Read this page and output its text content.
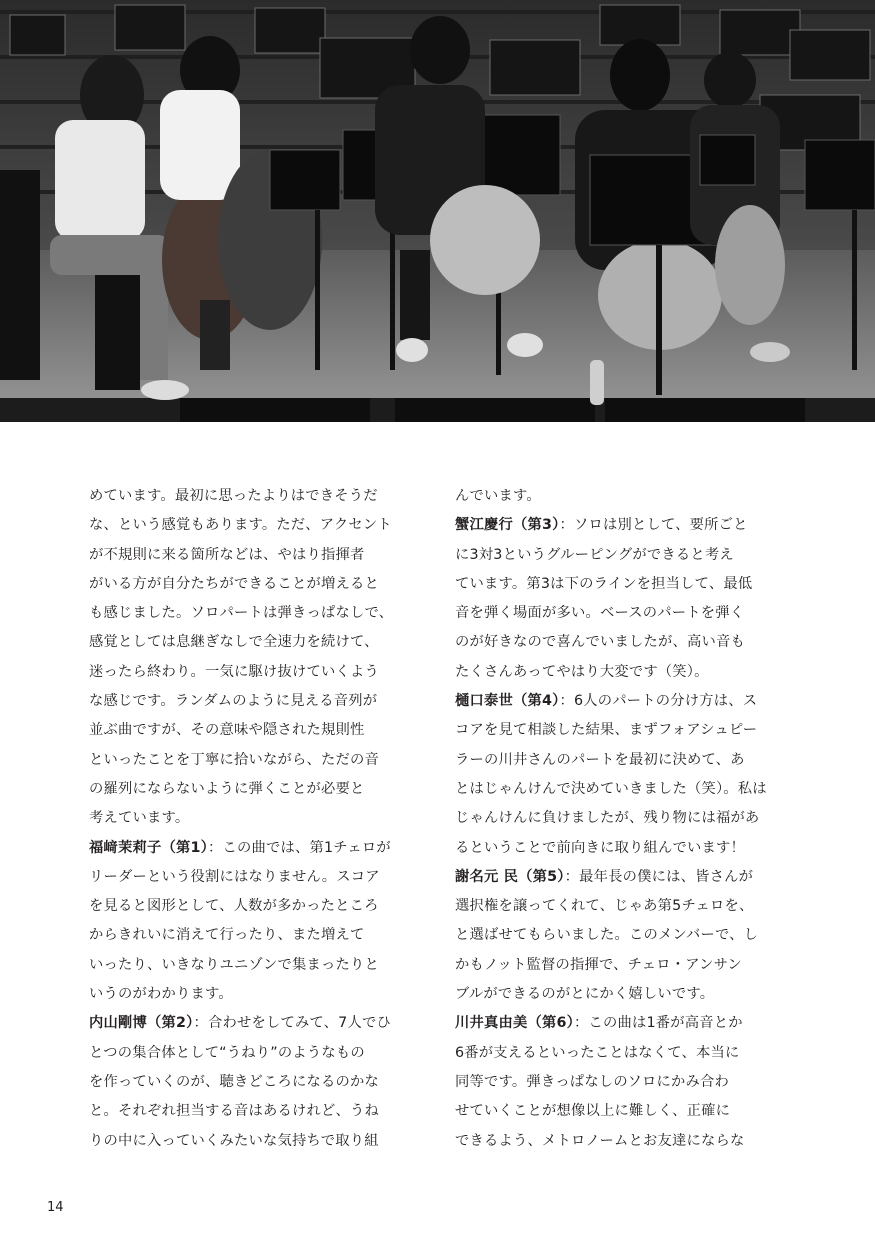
めています。最初に思ったよりはできそうだ
な、という感覚もあります。ただ、アクセント
が不規則に来る箇所などは、やはり指揮者
がいる方が自分たちができることが増えると
も感じました。ソロパートは弾きっぱなしで、
感覚としては息継ぎなしで全速力を続けて、
迷ったら終わり。一気に駆け抜けていくよう
な感じです。ランダムのように見える音列が
並ぶ曲ですが、その意味や隠された規則性
といったことを丁寧に拾いながら、ただの音
の羅列にならないように弾くことが必要と
考えています。
福﨑茉莉子（第1）：この曲では、第1チェロが
リーダーという役割にはなりません。スコア
を見ると図形として、人数が多かったところ
からきれいに消えて行ったり、また増えて
いったり、いきなりユニゾンで集まったりと
いうのがわかります。
内山剛博（第2）：合わせをしてみて、7人でひ
とつの集合体として“うねり”のようなもの
を作っていくのが、聴きどころになるのかな
と。それぞれ担当する音はあるけれど、うね
りの中に入っていくみたいな気持ちで取り組
んでいます。
蟹江慶行（第3）：ソロは別として、要所ごと
に3対3というグルーピングができると考え
ています。第3は下のラインを担当して、最低
音を弾く場面が多い。ベースのパートを弾く
のが好きなので喜んでいましたが、高い音も
たくさんあってやはり大変です（笑）。
樋口泰世（第4）：6人のパートの分け方は、ス
コアを見て相談した結果、まずフォアシュピー
ラーの川井さんのパートを最初に決めて、あ
とはじゃんけんで決めていきました（笑）。私は
じゃんけんに負けましたが、残り物には福があ
るということで前向きに取り組んでいます！
謝名元 民（第5）：最年長の僕には、皆さんが
選択権を譲ってくれて、じゃあ第5チェロを、
と選ばせてもらいました。このメンバーで、し
かもノット監督の指揮で、チェロ・アンサン
ブルができるのがとにかく嬉しいです。
川井真由美（第6）：この曲は1番が高音とか
6番が支えるといったことはなくて、本当に
同等です。弾きっぱなしのソロにかみ合わ
せていくことが想像以上に難しく、正確に
できるよう、メトロノームとお友達にならな
14
